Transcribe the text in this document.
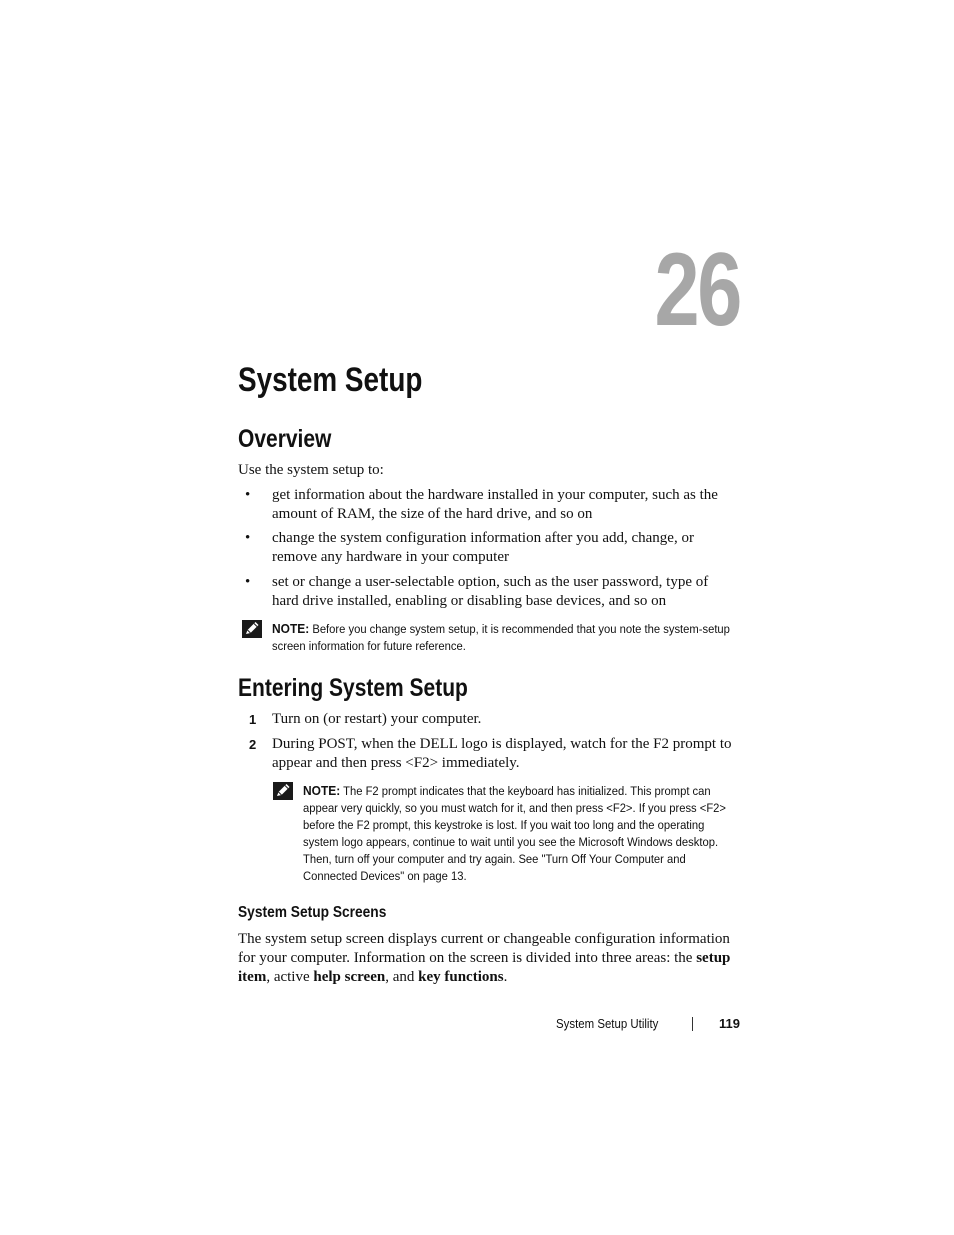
26
System Setup
Overview
Use the system setup to:
• get information about the hardware installed in your computer, such as the amount of RAM, the size of the hard drive, and so on
• change the system configuration information after you add, change, or remove any hardware in your computer
• set or change a user-selectable option, such as the user password, type of hard drive installed, enabling or disabling base devices, and so on
NOTE: Before you change system setup, it is recommended that you note the system-setup screen information for future reference.
Entering System Setup
1 Turn on (or restart) your computer.
2 During POST, when the DELL logo is displayed, watch for the F2 prompt to appear and then press <F2> immediately.
NOTE: The F2 prompt indicates that the keyboard has initialized. This prompt can appear very quickly, so you must watch for it, and then press <F2>. If you press <F2> before the F2 prompt, this keystroke is lost. If you wait too long and the operating system logo appears, continue to wait until you see the Microsoft Windows desktop. Then, turn off your computer and try again. See "Turn Off Your Computer and Connected Devices" on page 13.
System Setup Screens
The system setup screen displays current or changeable configuration information for your computer. Information on the screen is divided into three areas: the setup item, active help screen, and key functions.
System Setup Utility	119
